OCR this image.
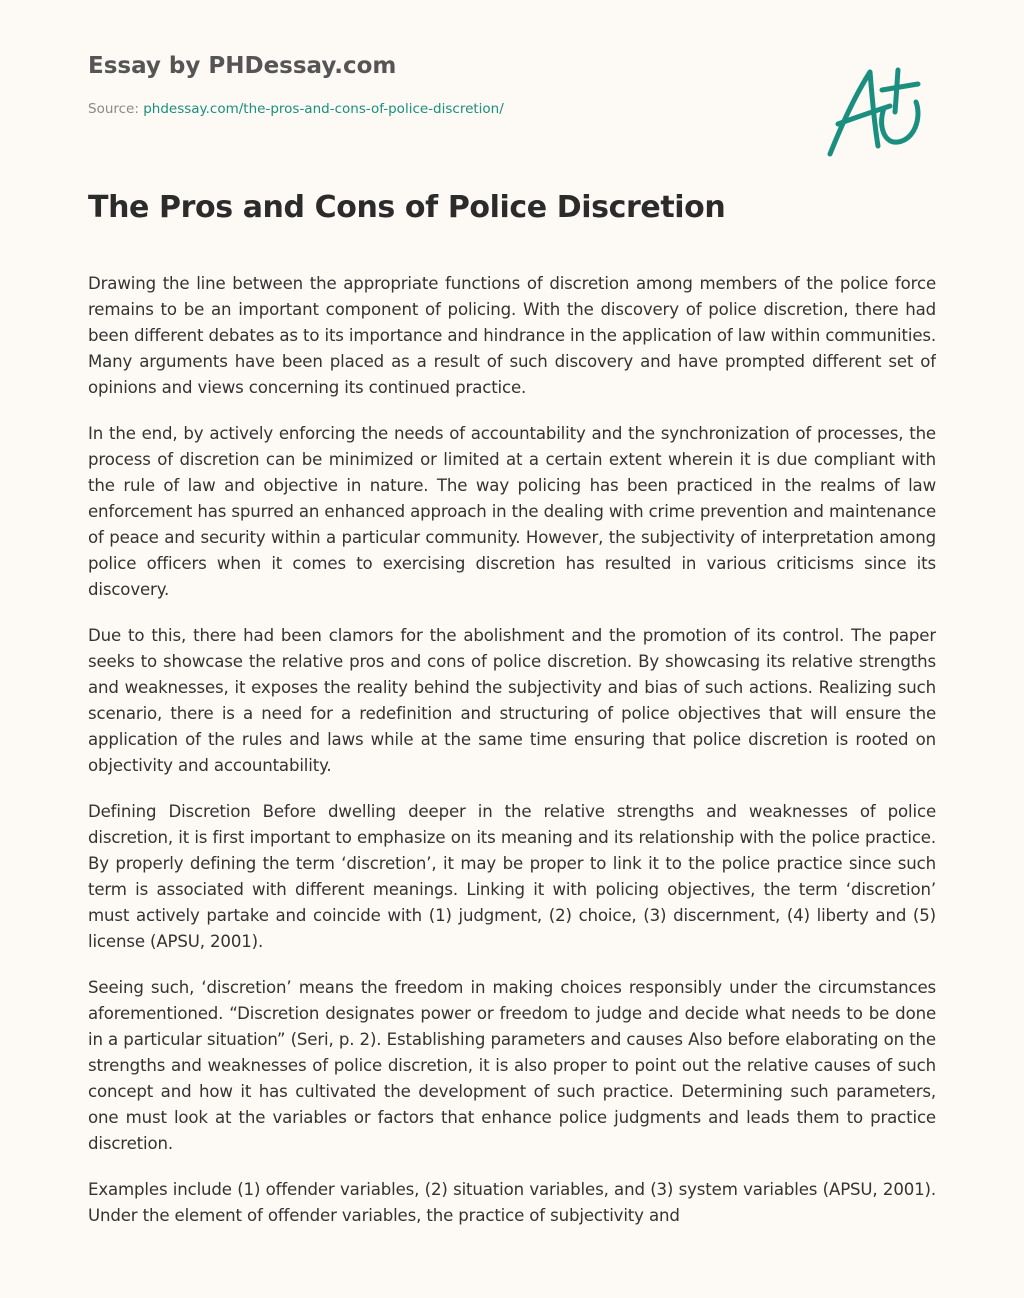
Essay by PHDessay.com
Source: phdessay.com/the-pros-and-cons-of-police-discretion/
The Pros and Cons of Police Discretion

Drawing the line between the appropriate functions of discretion among members of the police force remains to be an important component of policing. With the discovery of police discretion, there had been different debates as to its importance and hindrance in the application of law within communities. Many arguments have been placed as a result of such discovery and have prompted different set of opinions and views concerning its continued practice.

In the end, by actively enforcing the needs of accountability and the synchronization of processes, the process of discretion can be minimized or limited at a certain extent wherein it is due compliant with the rule of law and objective in nature. The way policing has been practiced in the realms of law enforcement has spurred an enhanced approach in the dealing with crime prevention and maintenance of peace and security within a particular community. However, the subjectivity of interpretation among police officers when it comes to exercising discretion has resulted in various criticisms since its discovery.

Due to this, there had been clamors for the abolishment and the promotion of its control. The paper seeks to showcase the relative pros and cons of police discretion. By showcasing its relative strengths and weaknesses, it exposes the reality behind the subjectivity and bias of such actions. Realizing such scenario, there is a need for a redefinition and structuring of police objectives that will ensure the application of the rules and laws while at the same time ensuring that police discretion is rooted on objectivity and accountability.

Defining Discretion Before dwelling deeper in the relative strengths and weaknesses of police discretion, it is first important to emphasize on its meaning and its relationship with the police practice. By properly defining the term ‘discretion’, it may be proper to link it to the police practice since such term is associated with different meanings. Linking it with policing objectives, the term ‘discretion’ must actively partake and coincide with (1) judgment, (2) choice, (3) discernment, (4) liberty and (5) license (APSU, 2001).

Seeing such, ‘discretion’ means the freedom in making choices responsibly under the circumstances aforementioned. “Discretion designates power or freedom to judge and decide what needs to be done in a particular situation” (Seri, p. 2). Establishing parameters and causes Also before elaborating on the strengths and weaknesses of police discretion, it is also proper to point out the relative causes of such concept and how it has cultivated the development of such practice. Determining such parameters, one must look at the variables or factors that enhance police judgments and leads them to practice discretion.

Examples include (1) offender variables, (2) situation variables, and (3) system variables (APSU, 2001). Under the element of offender variables, the practice of subjectivity and
